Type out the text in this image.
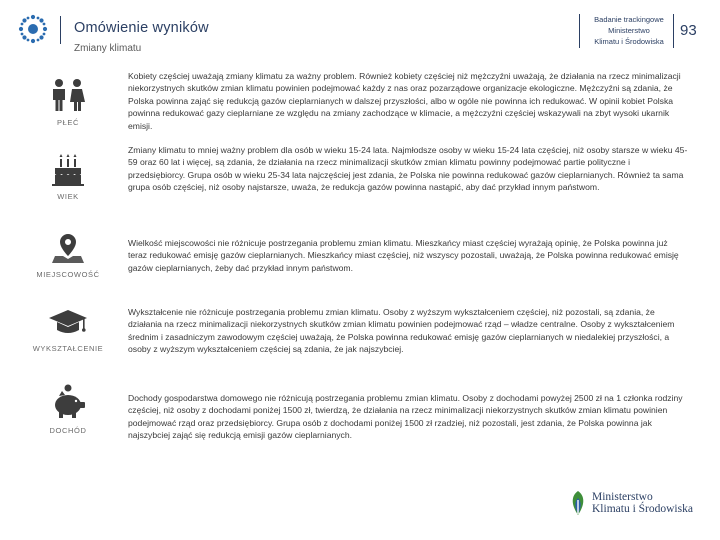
Omówienie wyników
Zmiany klimatu
Badanie trackingowe
Ministerstwo
Klimatu i Środowiska
93
PŁEĆ
WIEK
MIEJSCOWOŚĆ
WYKSZTAŁCENIE
DOCHÓD

Kobiety częściej uważają zmiany klimatu za ważny problem. Również kobiety częściej niż mężczyźni uważają, że działania na rzecz minimalizacji niekorzystnych skutków zmian klimatu powinien podejmować każdy z nas oraz pozarządowe organizacje ekologiczne. Mężczyźni są zdania, że Polska powinna zająć się redukcją gazów cieplarnianych w dalszej przyszłości, albo w ogóle nie powinna ich redukować. W opinii kobiet Polska powinna redukować gazy cieplarniane ze względu na zmiany zachodzące w klimacie, a mężczyźni częściej wskazywali na zbyt wysoki ukarnik emisji.

Zmiany klimatu to mniej ważny problem dla osób w wieku 15-24 lata. Najmłodsze osoby w wieku 15-24 lata częściej, niż osoby starsze w wieku 45-59 oraz 60 lat i więcej, są zdania, że działania na rzecz minimalizacji skutków zmian klimatu powinny podejmować partie polityczne i przedsiębiorcy. Grupa osób w wieku 25-34 lata najczęściej jest zdania, że Polska nie powinna redukować gazów cieplarnianych. Również ta sama grupa osób częściej, niż osoby najstarsze, uważa, że redukcja gazów powinna nastąpić, aby dać przykład innym państwom.

Wielkość miejscowości nie różnicuje postrzegania problemu zmian klimatu. Mieszkańcy miast częściej wyrażają opinię, że Polska powinna już teraz redukować emisję gazów cieplarnianych. Mieszkańcy miast częściej, niż wszyscy pozostali, uważają, że Polska powinna redukować emisję gazów cieplarnianych, żeby dać przykład innym państwom.

Wykształcenie nie różnicuje postrzegania problemu zmian klimatu. Osoby z wyższym wykształceniem częściej, niż pozostali, są zdania, że działania na rzecz minimalizacji niekorzystnych skutków zmian klimatu powinien podejmować rząd – władze centralne. Osoby z wykształceniem średnim i zasadniczym zawodowym częściej uważają, że Polska powinna redukować emisję gazów cieplarnianych w niedalekiej przyszłości, a osoby z wyższym wykształceniem częściej są zdania, że jak najszybciej.

Dochody gospodarstwa domowego nie różnicują postrzegania problemu zmian klimatu. Osoby z dochodami powyżej 2500 zł na 1 członka rodziny częściej, niż osoby z dochodami poniżej 1500 zł, twierdzą, że działania na rzecz minimalizacji niekorzystnych skutków zmian klimatu powinien podejmować rząd oraz przedsiębiorcy. Grupa osób z dochodami poniżej 1500 zł rzadziej, niż pozostali, jest zdania, że Polska powinna jak najszybciej zająć się redukcją emisji gazów cieplarnianych.

Ministerstwo
Klimatu i Środowiska
